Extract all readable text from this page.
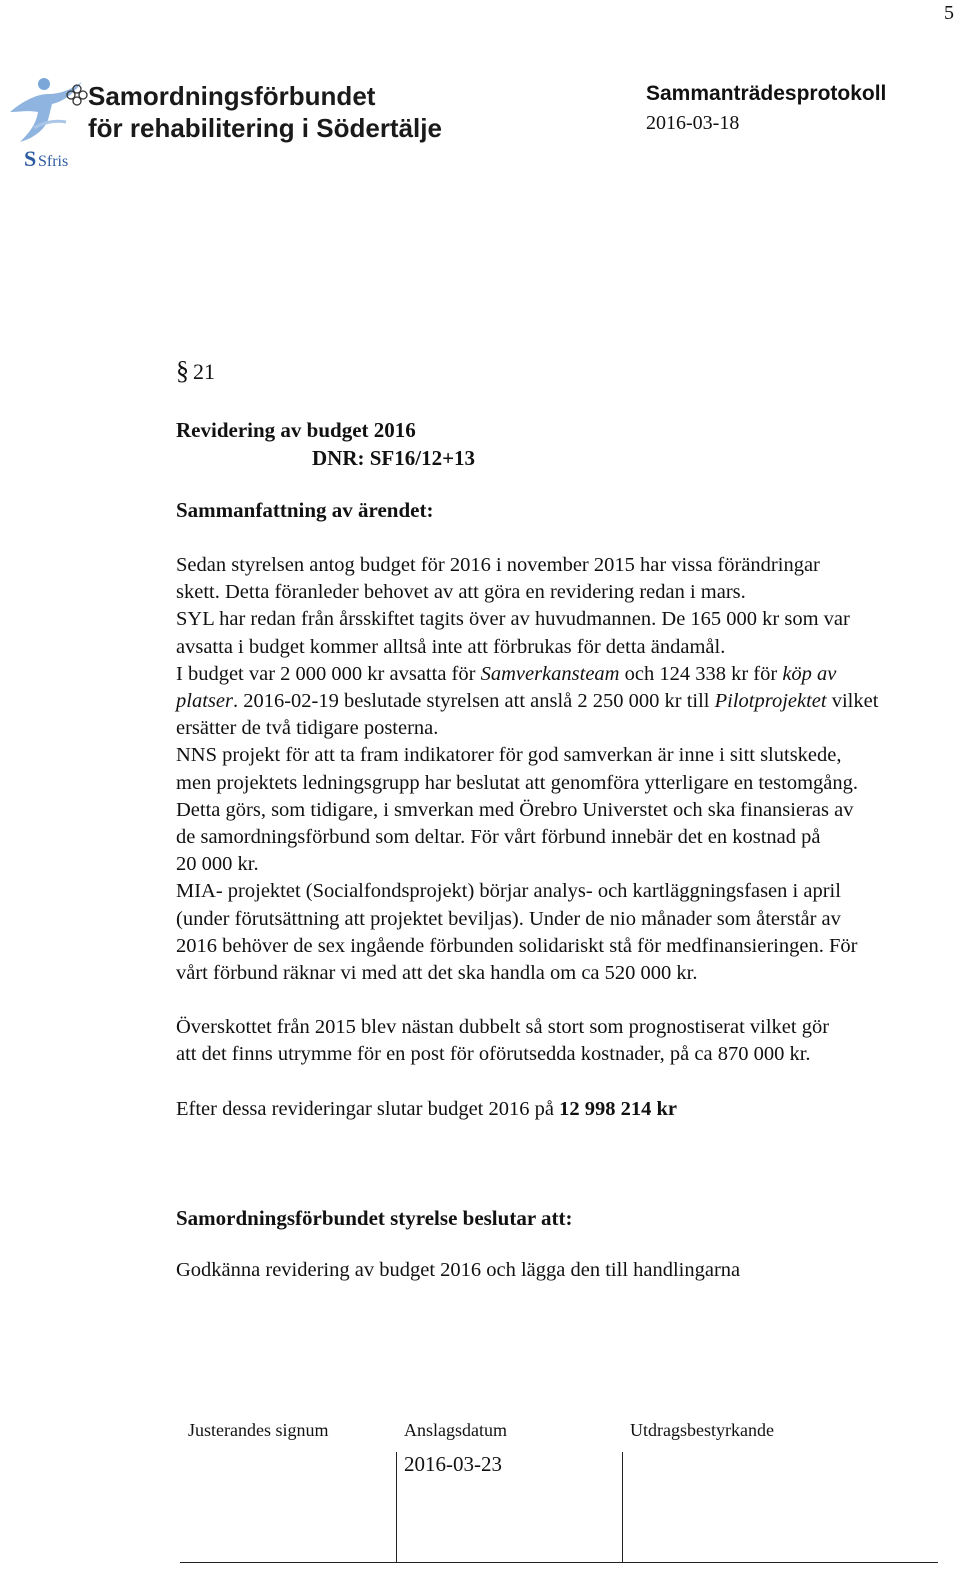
5
S Sfris
Samordningsförbundet
för rehabilitering i Södertälje
Sammanträdesprotokoll
2016-03-18
§ 21
Revidering av budget 2016
DNR: SF16/12+13
Sammanfattning av ärendet:

Sedan styrelsen antog budget för 2016 i november 2015 har vissa förändringar

skett. Detta föranleder behovet av att göra en revidering redan i mars.

SYL har redan från årsskiftet tagits över av huvudmannen. De 165 000 kr som var

avsatta i budget kommer alltså inte att förbrukas för detta ändamål.

I budget var 2 000 000 kr avsatta för Samverkansteam och 124 338 kr för köp av

platser. 2016-02-19 beslutade styrelsen att anslå 2 250 000 kr till Pilotprojektet vilket

ersätter de två tidigare posterna.

NNS projekt för att ta fram indikatorer för god samverkan är inne i sitt slutskede,

men projektets ledningsgrupp har beslutat att genomföra ytterligare en testomgång.

Detta görs, som tidigare, i smverkan med Örebro Universtet och ska finansieras av

de samordningsförbund som deltar. För vårt förbund innebär det en kostnad på

20 000 kr.

MIA- projektet (Socialfondsprojekt) börjar analys- och kartläggningsfasen i april

(under förutsättning att projektet beviljas). Under de nio månader som återstår av

2016 behöver de sex ingående förbunden solidariskt stå för medfinansieringen. För

vårt förbund räknar vi med att det ska handla om ca 520 000 kr.

Överskottet från 2015 blev nästan dubbelt så stort som prognostiserat vilket gör

att det finns utrymme för en post för oförutsedda kostnader, på ca 870 000 kr.

Efter dessa revideringar slutar budget 2016 på 12 998 214 kr

Samordningsförbundet styrelse beslutar att:
Godkänna revidering av budget 2016 och lägga den till handlingarna
Justerandes signum	Anslagsdatum	Utdragsbestyrkande
2016-03-23
